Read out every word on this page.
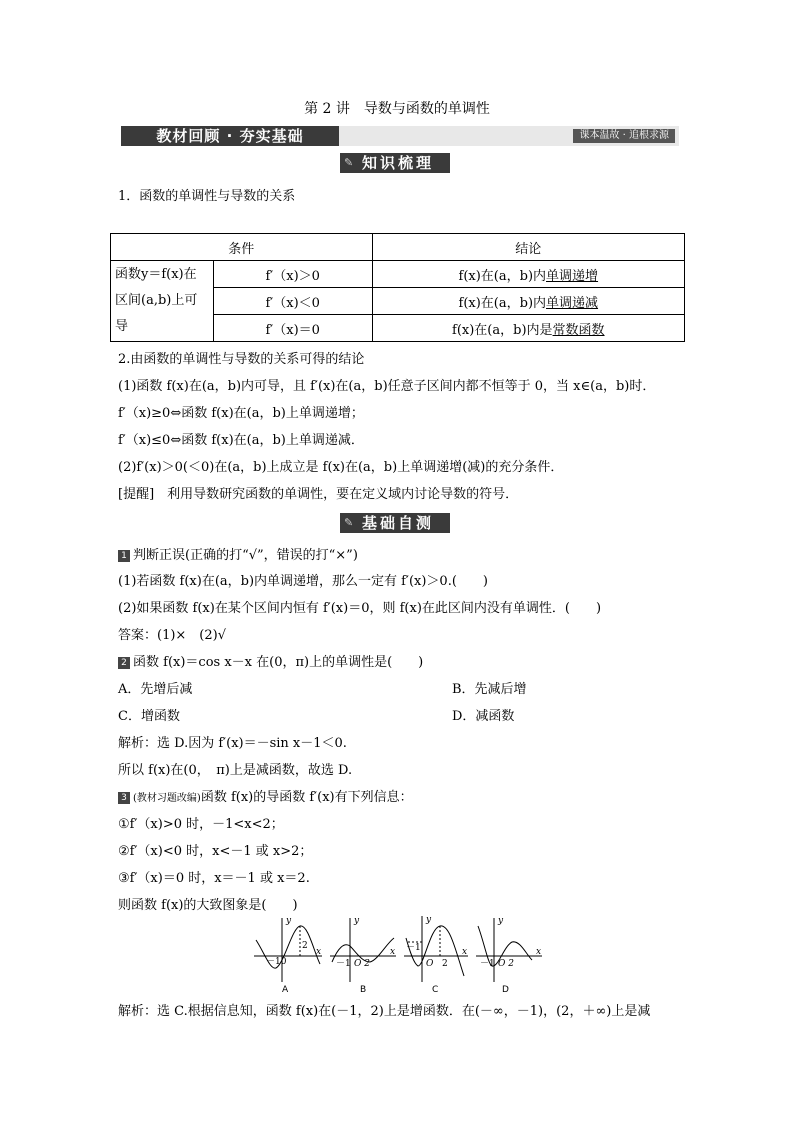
第 2 讲　导数与函数的单调性
教材回顾 · 夯实基础	课本温故 · 追根求源
✎ 知识梳理
1．函数的单调性与导数的关系
条件		结论
函数y＝f(x)在区间(a,b)上可导	f′（x)＞0	f(x)在(a，b)内单调递增
	f′（x)＜0	f(x)在(a，b)内单调递减
	f′（x)＝0	f(x)在(a，b)内是常数函数
2.由函数的单调性与导数的关系可得的结论
(1)函数 f(x)在(a，b)内可导，且 f′(x)在(a，b)任意子区间内都不恒等于 0，当 x∈(a，b)时．
f′（x)≥0⇔函数 f(x)在(a，b)上单调递增；
f′（x)≤0⇔函数 f(x)在(a，b)上单调递减．
(2)f′(x)＞0(＜0)在(a，b)上成立是 f(x)在(a，b)上单调递增(减)的充分条件．
[提醒]　利用导数研究函数的单调性，要在定义域内讨论导数的符号．
✎ 基础自测
1 判断正误(正确的打“√”，错误的打“×”)
(1)若函数 f(x)在(a，b)内单调递增，那么一定有 f′(x)＞0.(　　)
(2)如果函数 f(x)在某个区间内恒有 f′(x)＝0，则 f(x)在此区间内没有单调性．(　　)
答案：(1)×　(2)√
2 函数 f(x)＝cos x－x 在(0，π)上的单调性是(　　)
A．先增后减	B．先减后增
C．增函数	D．减函数
解析：选 D.因为 f′(x)＝－sin x－1＜0.
所以 f(x)在(0，　π)上是减函数，故选 D.
3 (教材习题改编)函数 f(x)的导函数 f′(x)有下列信息：
①f′（x)>0 时，－1<x<2；
②f′（x)<0 时，x<－1 或 x>2；
③f′（x)＝0 时，x＝－1 或 x＝2.
则函数 f(x)的大致图象是(　　)
y
x
－10
2
A
y
x
－1 O 2
B
y
x
－1
O 2
C
y
x
－1 O 2
D
解析：选 C.根据信息知，函数 f(x)在(－1，2)上是增函数．在(－∞，－1)，(2，＋∞)上是减
